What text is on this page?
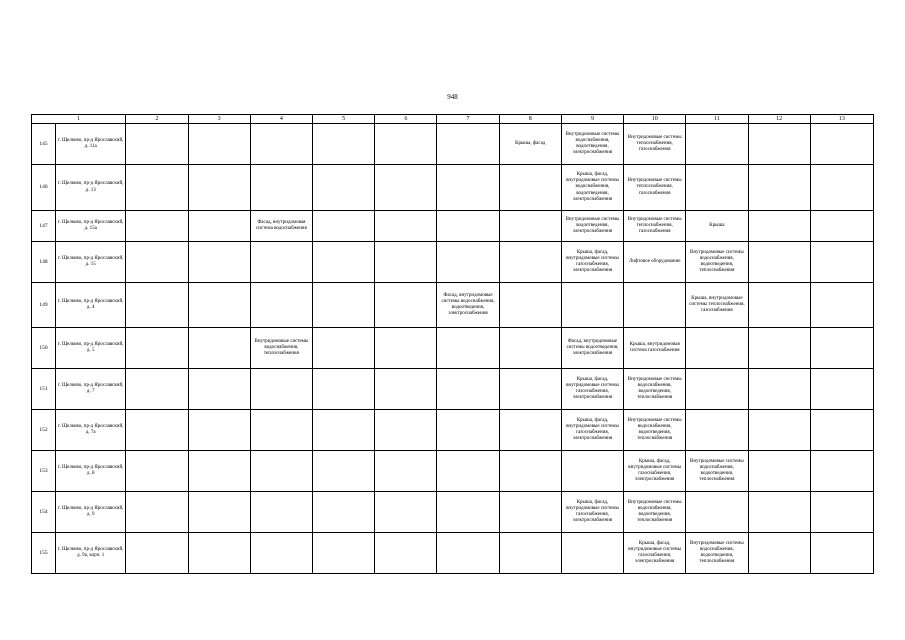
948
1		2	3	4	5	6	7	8	9	10	11	12	13
145	г. Щелково, пр-д Ярославский, д. 11а							Крыша, фасад	Внутридомовые системы водоснабжения, водоотведения, электроснабжения	Внутридомовые системы теплоснабжения, газоснабжения			
146	г. Щелково, пр-д Ярославский, д. 13								Крыша, фасад, внутридомовые системы водоснабжения, водоотведения, электроснабжения	Внутридомовые системы теплоснабжения, газоснабжения			
147	г. Щелково, пр-д Ярославский, д. 15а			Фасад, внутридомовая система водоснабжения					Внутридомовые системы водоотведения, электроснабжения	Внутридомовые системы теплоснабжения, газоснабжения	Крыша		
148	г. Щелково, пр-д Ярославский, д. 15								Крыша, фасад, внутридомовые системы газоснабжения, электроснабжения	Лифтовое оборудование	Внутридомовые системы водоснабжения, водоотведения, теплоснабжения		
149	г. Щелково, пр-д Ярославский, д. 4						Фасад, внутридомовые системы водоснабжения, водоотведения, электроснабжения				Крыша, внутридомовые системы теплоснабжения, газоснабжения		
150	г. Щелково, пр-д Ярославский, д. 5			Внутридомовые системы водоснабжения, теплоснабжения					Фасад, внутридомовые системы водоотведения, электроснабжения	Крыша, внутридомовая система газоснабжения			
151	г. Щелково, пр-д Ярославский, д. 7								Крыша, фасад, внутридомовые системы газоснабжения, электроснабжения	Внутридомовые системы водоснабжения, водоотведения, теплоснабжения			
152	г. Щелково, пр-д Ярославский, д. 7а								Крыша, фасад, внутридомовые системы газоснабжения, электроснабжения	Внутридомовые системы водоснабжения, водоотведения, теплоснабжения			
153	г. Щелково, пр-д Ярославский, д. 8									Крыша, фасад, внутридомовые системы газоснабжения, электроснабжения	Внутридомовые системы водоснабжения, водоотведения, теплоснабжения		
154	г. Щелково, пр-д Ярославский, д. 9								Крыша, фасад, внутридомовые системы газоснабжения, электроснабжения	Внутридомовые системы водоснабжения, водоотведения, теплоснабжения			
155	г. Щелково, пр-д Ярославский, д. 9а, корп. 1									Крыша, фасад, внутридомовые системы газоснабжения, электроснабжения	Внутридомовые системы водоснабжения, водоотведения, теплоснабжения		
